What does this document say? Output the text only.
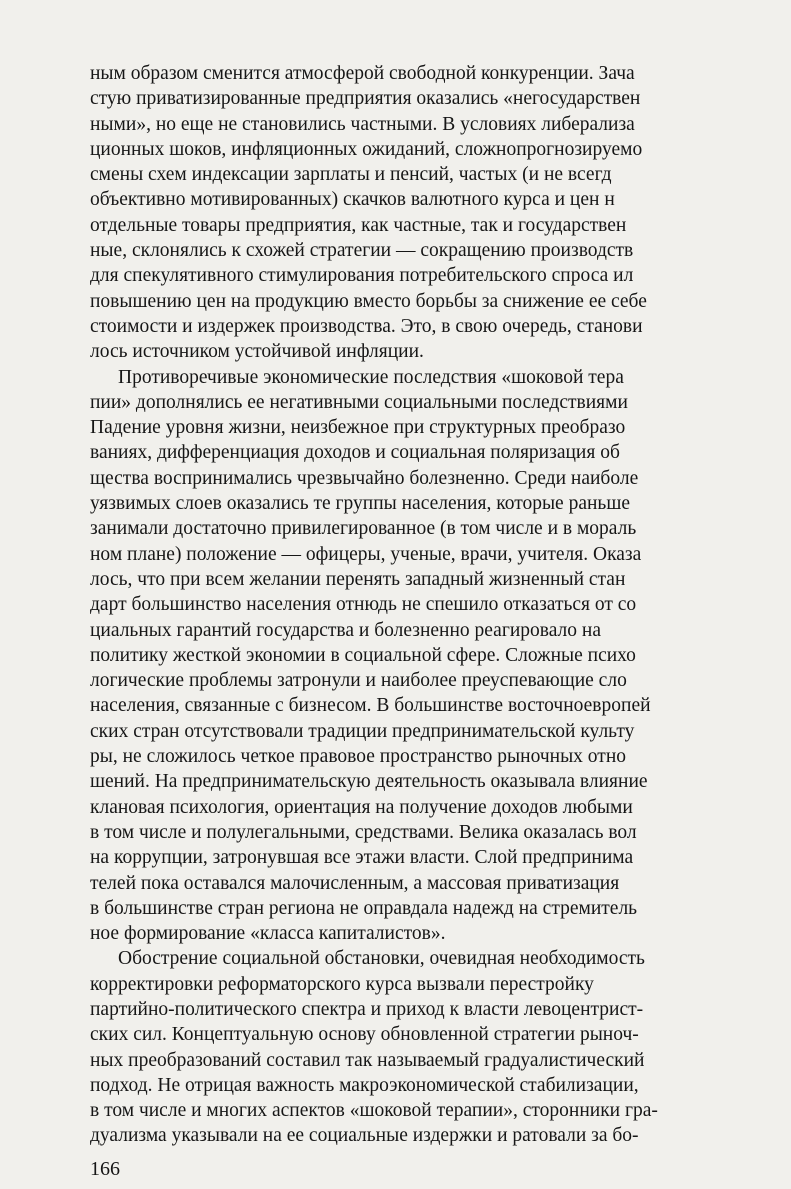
ным образом сменится атмосферой свободной конкуренции. Зача

стую приватизированные предприятия оказались «негосударствен

ными», но еще не становились частными. В условиях либерализа

ционных шоков, инфляционных ожиданий, сложнопрогнозируемо

смены схем индексации зарплаты и пенсий, частых (и не всегд

объективно мотивированных) скачков валютного курса и цен н

отдельные товары предприятия, как частные, так и государствен

ные, склонялись к схожей стратегии — сокращению производств

для спекулятивного стимулирования потребительского спроса ил

повышению цен на продукцию вместо борьбы за снижение ее себе

стоимости и издержек производства. Это, в свою очередь, станови

лось источником устойчивой инфляции.

Противоречивые экономические последствия «шоковой тера

пии» дополнялись ее негативными социальными последствиями

Падение уровня жизни, неизбежное при структурных преобразо

ваниях, дифференциация доходов и социальная поляризация об

щества воспринимались чрезвычайно болезненно. Среди наиболе

уязвимых слоев оказались те группы населения, которые раньше

занимали достаточно привилегированное (в том числе и в мораль

ном плане) положение — офицеры, ученые, врачи, учителя. Оказа

лось, что при всем желании перенять западный жизненный стан

дарт большинство населения отнюдь не спешило отказаться от со

циальных гарантий государства и болезненно реагировало на

политику жесткой экономии в социальной сфере. Сложные психо

логические проблемы затронули и наиболее преуспевающие сло

населения, связанные с бизнесом. В большинстве восточноевропей

ских стран отсутствовали традиции предпринимательской культу

ры, не сложилось четкое правовое пространство рыночных отно

шений. На предпринимательскую деятельность оказывала влияние

клановая психология, ориентация на получение доходов любыми

в том числе и полулегальными, средствами. Велика оказалась вол

на коррупции, затронувшая все этажи власти. Слой предпринима

телей пока оставался малочисленным, а массовая приватизация

в большинстве стран региона не оправдала надежд на стремитель

ное формирование «класса капиталистов».

Обострение социальной обстановки, очевидная необходимость

корректировки реформаторского курса вызвали перестройку

партийно-политического спектра и приход к власти левоцентрист-

ских сил. Концептуальную основу обновленной стратегии рыноч-

ных преобразований составил так называемый градуалистический

подход. Не отрицая важность макроэкономической стабилизации,

в том числе и многих аспектов «шоковой терапии», сторонники гра-

дуализма указывали на ее социальные издержки и ратовали за бо-

166
